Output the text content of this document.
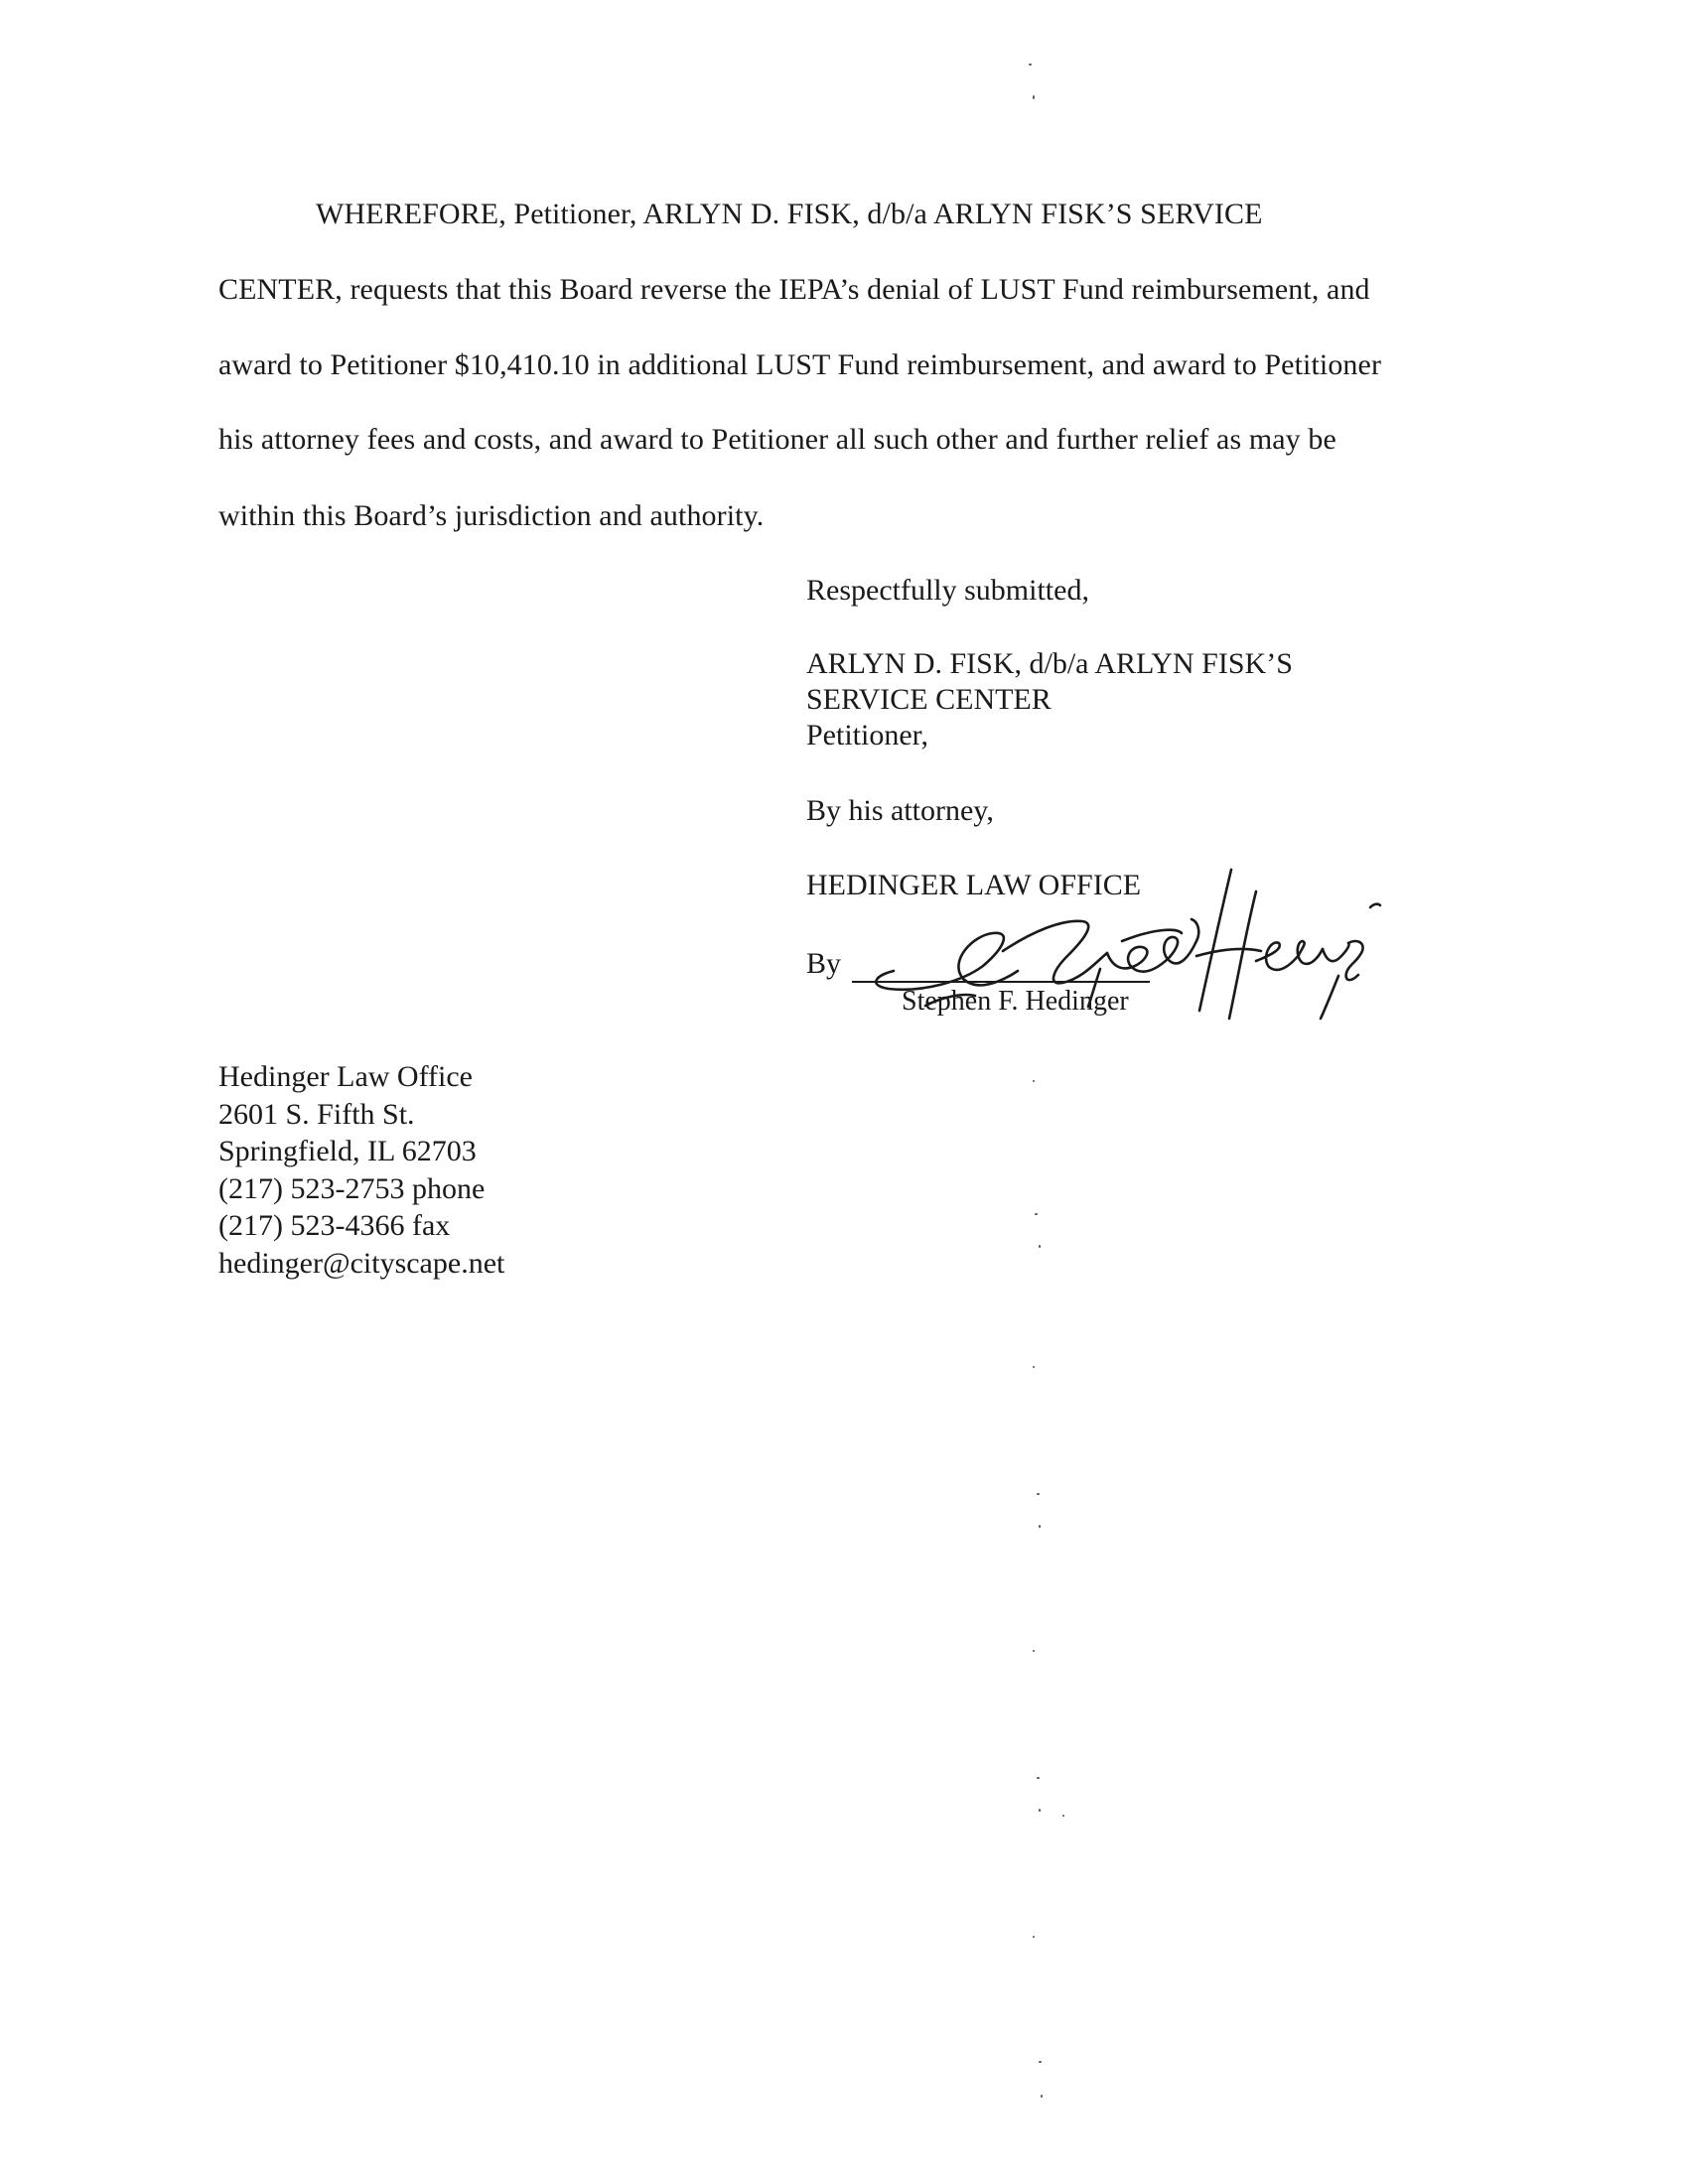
WHEREFORE, Petitioner, ARLYN D. FISK, d/b/a ARLYN FISK’S SERVICE
CENTER, requests that this Board reverse the IEPA’s denial of LUST Fund reimbursement, and
award to Petitioner $10,410.10 in additional LUST Fund reimbursement, and award to Petitioner
his attorney fees and costs, and award to Petitioner all such other and further relief as may be
within this Board’s jurisdiction and authority.
Respectfully submitted,
ARLYN D. FISK, d/b/a ARLYN FISK’S
SERVICE CENTER
Petitioner,
By his attorney,
HEDINGER LAW OFFICE
By
Stephen F. Hedinger
Hedinger Law Office
2601 S. Fifth St.
Springfield, IL 62703
(217) 523-2753 phone
(217) 523-4366 fax
hedinger@cityscape.net
